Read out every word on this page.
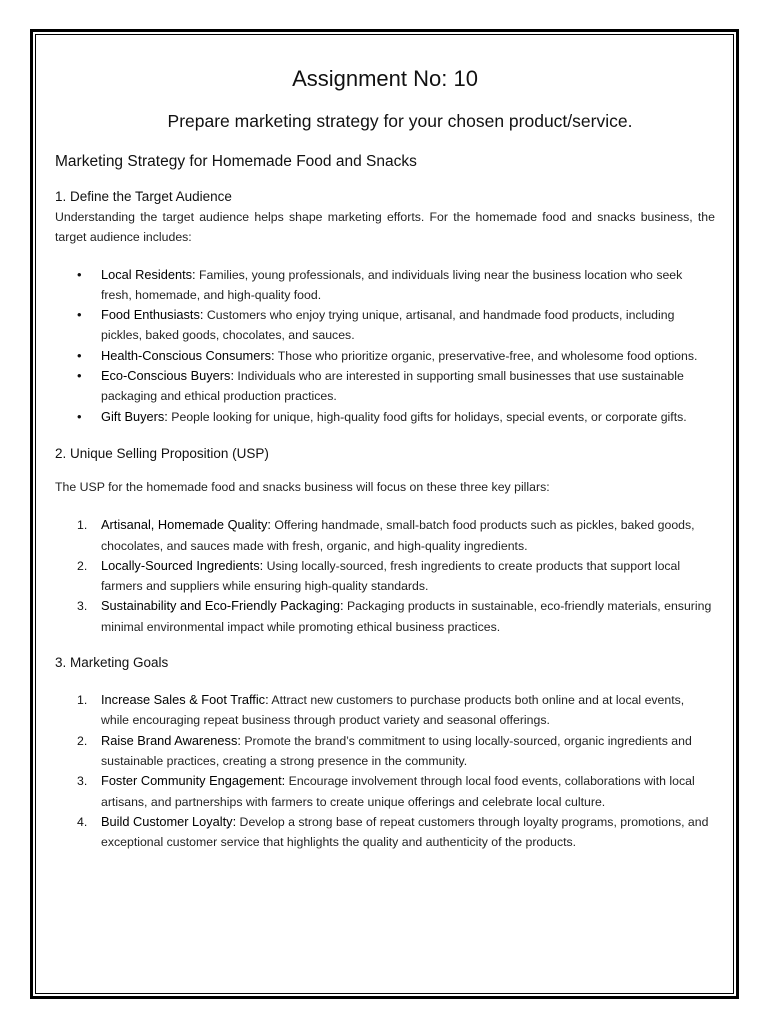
Assignment No: 10
Prepare marketing strategy for your chosen product/service.
Marketing Strategy for Homemade Food and Snacks
1. Define the Target Audience

Understanding the target audience helps shape marketing efforts. For the homemade food and snacks business, the target audience includes:

•	Local Residents: Families, young professionals, and individuals living near the business location who seek fresh, homemade, and high-quality food.
•	Food Enthusiasts: Customers who enjoy trying unique, artisanal, and handmade food products, including pickles, baked goods, chocolates, and sauces.
•	Health-Conscious Consumers: Those who prioritize organic, preservative-free, and wholesome food options.
•	Eco-Conscious Buyers: Individuals who are interested in supporting small businesses that use sustainable packaging and ethical production practices.
•	Gift Buyers: People looking for unique, high-quality food gifts for holidays, special events, or corporate gifts.
2. Unique Selling Proposition (USP)

The USP for the homemade food and snacks business will focus on these three key pillars:

1.	Artisanal, Homemade Quality: Offering handmade, small-batch food products such as pickles, baked goods, chocolates, and sauces made with fresh, organic, and high-quality ingredients.
2.	Locally-Sourced Ingredients: Using locally-sourced, fresh ingredients to create products that support local farmers and suppliers while ensuring high-quality standards.
3.	Sustainability and Eco-Friendly Packaging: Packaging products in sustainable, eco-friendly materials, ensuring minimal environmental impact while promoting ethical business practices.
3. Marketing Goals
1.	Increase Sales & Foot Traffic: Attract new customers to purchase products both online and at local events, while encouraging repeat business through product variety and seasonal offerings.
2.	Raise Brand Awareness: Promote the brand’s commitment to using locally-sourced, organic ingredients and sustainable practices, creating a strong presence in the community.
3.	Foster Community Engagement: Encourage involvement through local food events, collaborations with local artisans, and partnerships with farmers to create unique offerings and celebrate local culture.
4.	Build Customer Loyalty: Develop a strong base of repeat customers through loyalty programs, promotions, and exceptional customer service that highlights the quality and authenticity of the products.
